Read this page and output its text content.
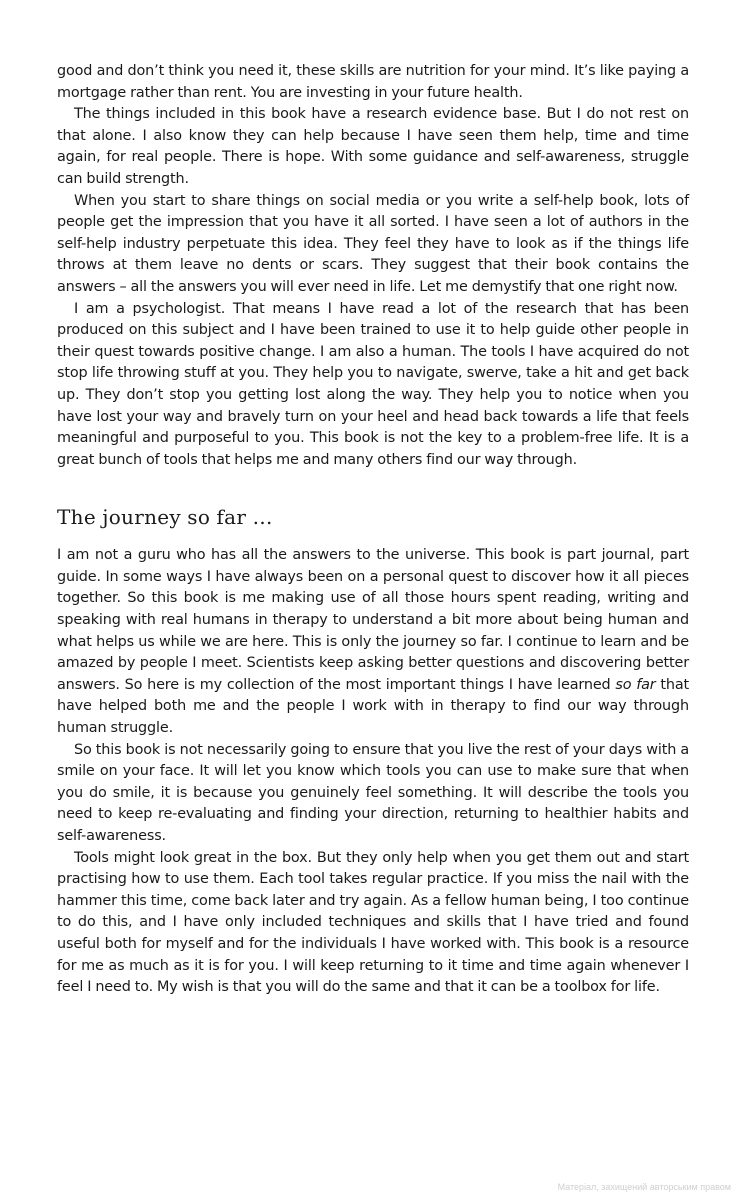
good and don’t think you need it, these skills are nutrition for your mind. It’s like paying a mortgage rather than rent. You are investing in your future health.

The things included in this book have a research evidence base. But I do not rest on that alone. I also know they can help because I have seen them help, time and time again, for real people. There is hope. With some guidance and self-awareness, struggle can build strength.

When you start to share things on social media or you write a self-help book, lots of people get the impression that you have it all sorted. I have seen a lot of authors in the self-help industry perpetuate this idea. They feel they have to look as if the things life throws at them leave no dents or scars. They suggest that their book contains the answers – all the answers you will ever need in life. Let me demystify that one right now.

I am a psychologist. That means I have read a lot of the research that has been produced on this subject and I have been trained to use it to help guide other people in their quest towards positive change. I am also a human. The tools I have acquired do not stop life throwing stuff at you. They help you to navigate, swerve, take a hit and get back up. They don’t stop you getting lost along the way. They help you to notice when you have lost your way and bravely turn on your heel and head back towards a life that feels meaningful and purposeful to you. This book is not the key to a problem-free life. It is a great bunch of tools that helps me and many others find our way through.

The journey so far …

I am not a guru who has all the answers to the universe. This book is part journal, part guide. In some ways I have always been on a personal quest to discover how it all pieces together. So this book is me making use of all those hours spent reading, writing and speaking with real humans in therapy to understand a bit more about being human and what helps us while we are here. This is only the journey so far. I continue to learn and be amazed by people I meet. Scientists keep asking better questions and discovering better answers. So here is my collection of the most important things I have learned so far that have helped both me and the people I work with in therapy to find our way through human struggle.

So this book is not necessarily going to ensure that you live the rest of your days with a smile on your face. It will let you know which tools you can use to make sure that when you do smile, it is because you genuinely feel something. It will describe the tools you need to keep re-evaluating and finding your direction, returning to healthier habits and self-awareness.

Tools might look great in the box. But they only help when you get them out and start practising how to use them. Each tool takes regular practice. If you miss the nail with the hammer this time, come back later and try again. As a fellow human being, I too continue to do this, and I have only included techniques and skills that I have tried and found useful both for myself and for the individuals I have worked with. This book is a resource for me as much as it is for you. I will keep returning to it time and time again whenever I feel I need to. My wish is that you will do the same and that it can be a toolbox for life.

Матеріал, захищений авторським правом
